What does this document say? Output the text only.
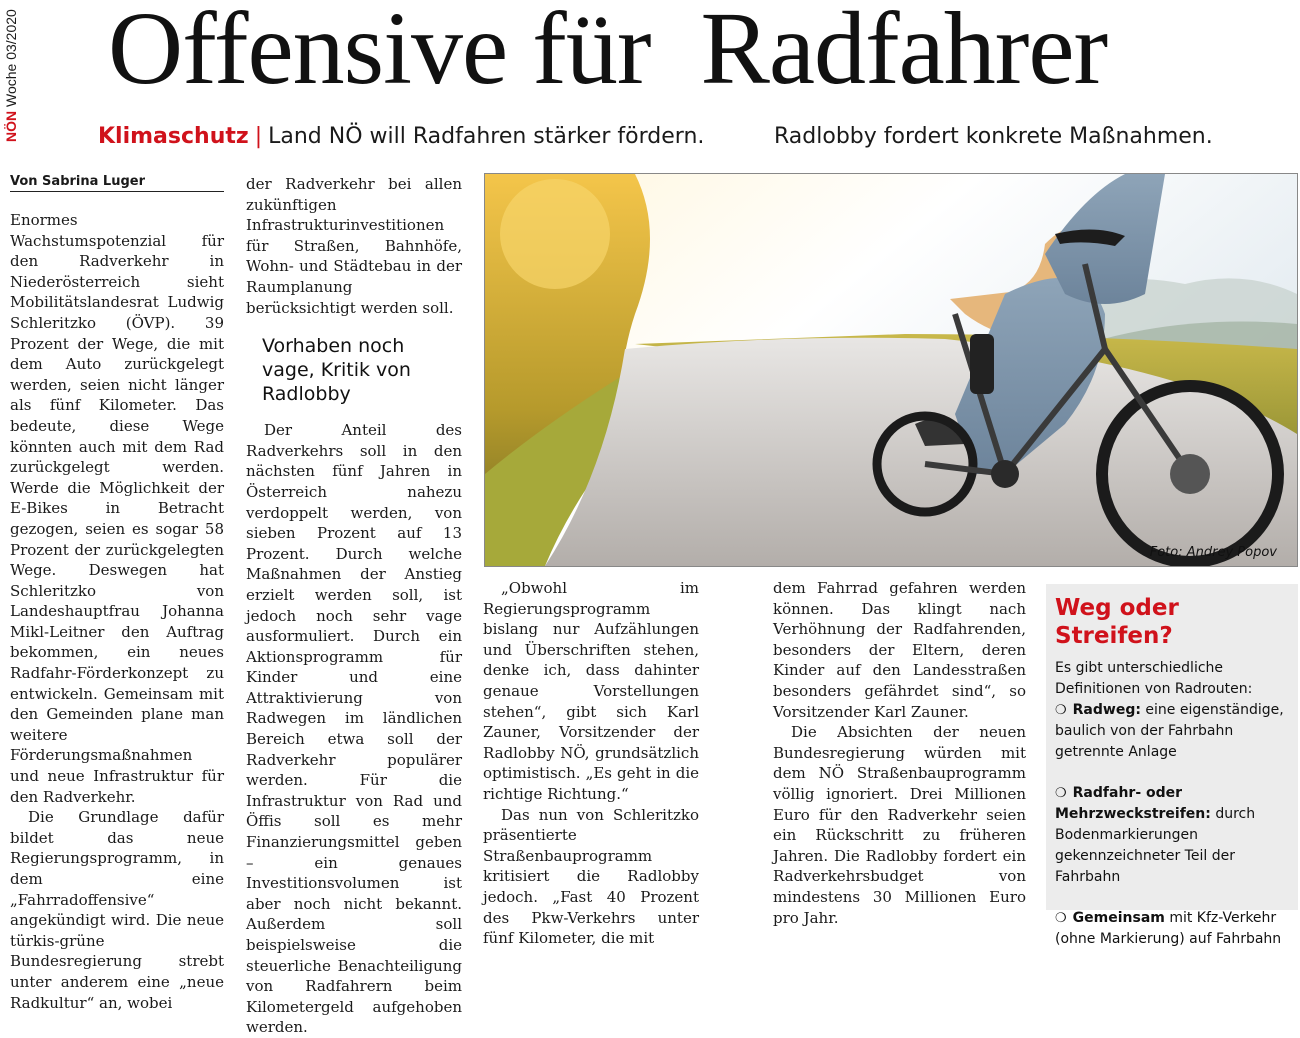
NÖN Woche 03/2020 Offensive für  Radfahrer
Klimaschutz | Land NÖ will Radfahren stärker fördern.	Radlobby fordert konkrete Maßnahmen.
Von Sabrina Luger

Enormes Wachstumspotenzial für den Radverkehr in Niederösterreich sieht Mobilitätslandesrat Ludwig Schleritzko (ÖVP). 39 Prozent der Wege, die mit dem Auto zurückgelegt werden, seien nicht länger als fünf Kilometer. Das bedeute, diese Wege könnten auch mit dem Rad zurückgelegt werden. Werde die Möglichkeit der E-Bikes in Betracht gezogen, seien es sogar 58 Prozent der zurückgelegten Wege. Deswegen hat Schleritzko von Landeshauptfrau Johanna Mikl-Leitner den Auftrag bekommen, ein neues Radfahr-Förderkonzept zu entwickeln. Gemeinsam mit den Gemeinden plane man weitere Förderungsmaßnahmen und neue Infrastruktur für den Radverkehr.

Die Grundlage dafür bildet das neue Regierungsprogramm, in dem eine „Fahrradoffensive“ angekündigt wird. Die neue türkis-grüne Bundesregierung strebt unter anderem eine „neue Radkultur“ an, wobei

der Radverkehr bei allen zukünftigen Infrastrukturinvestitionen für Straßen, Bahnhöfe, Wohn- und Städtebau in der Raumplanung berücksichtigt werden soll.

Vorhaben noch vage, Kritik von Radlobby

Der Anteil des Radverkehrs soll in den nächsten fünf Jahren in Österreich nahezu verdoppelt werden, von sieben Prozent auf 13 Prozent. Durch welche Maßnahmen der Anstieg erzielt werden soll, ist jedoch noch sehr vage ausformuliert. Durch ein Aktionsprogramm für Kinder und eine Attraktivierung von Radwegen im ländlichen Bereich etwa soll der Radverkehr populärer werden. Für die Infrastruktur von Rad und Öffis soll es mehr Finanzierungsmittel geben – ein genaues Investitionsvolumen ist aber noch nicht bekannt. Außerdem soll beispielsweise die steuerliche Benachteiligung von Radfahrern beim Kilometergeld aufgehoben werden.

Foto: Andrey Popov

„Obwohl im Regierungsprogramm bislang nur Aufzählungen und Überschriften stehen, denke ich, dass dahinter genaue Vorstellungen stehen“, gibt sich Karl Zauner, Vorsitzender der Radlobby NÖ, grundsätzlich optimistisch. „Es geht in die richtige Richtung.“

Das nun von Schleritzko präsentierte Straßenbauprogramm kritisiert die Radlobby jedoch. „Fast 40 Prozent des Pkw-Verkehrs unter fünf Kilometer, die mit

dem Fahrrad gefahren werden können. Das klingt nach Verhöhnung der Radfahrenden, besonders der Eltern, deren Kinder auf den Landesstraßen besonders gefährdet sind“, so Vorsitzender Karl Zauner.

Die Absichten der neuen Bundesregierung würden mit dem NÖ Straßenbauprogramm völlig ignoriert. Drei Millionen Euro für den Radverkehr seien ein Rückschritt zu früheren Jahren. Die Radlobby fordert ein Radverkehrsbudget von mindestens 30 Millionen Euro pro Jahr.

Weg oder Streifen?
Es gibt unterschiedliche Definitionen von Radrouten:
❍ Radweg: eine eigenständige, baulich von der Fahrbahn getrennte Anlage
❍ Radfahr- oder Mehrzweckstreifen: durch Bodenmarkierungen gekennzeichneter Teil der Fahrbahn
❍ Gemeinsam mit Kfz-Verkehr (ohne Markierung) auf Fahrbahn
